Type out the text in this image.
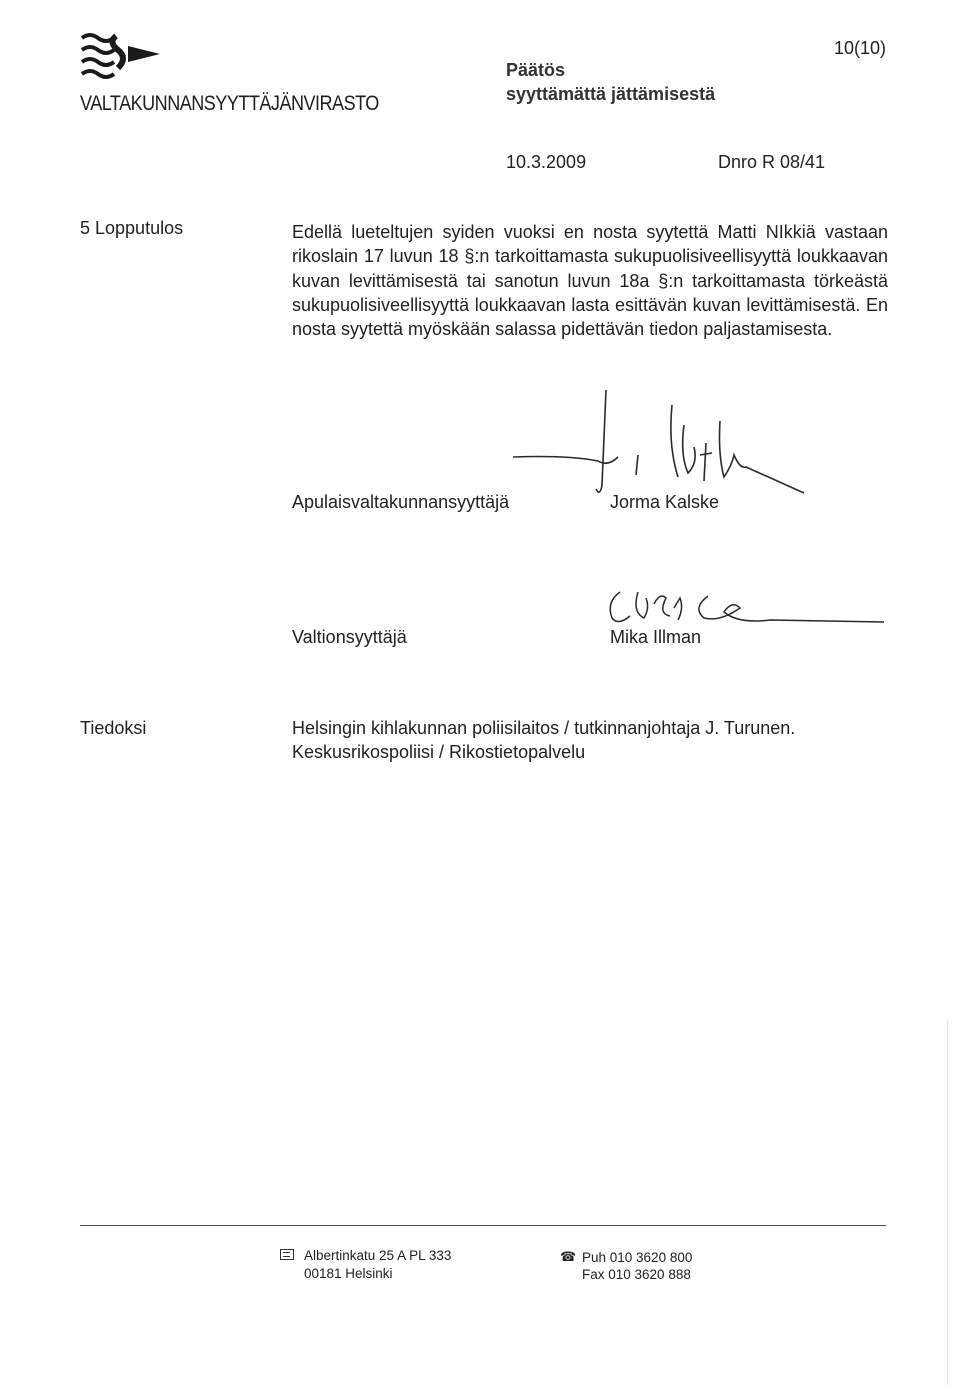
VALTAKUNNANSYYTTÄJÄNVIRASTO
Päätös
syyttämättä jättämisestä
10(10)
10.3.2009	Dnro R 08/41
5 Lopputulos	Edellä lueteltujen syiden vuoksi en nosta syytettä Matti NIkkiä vastaan rikoslain 17 luvun 18 §:n tarkoittamasta sukupuolisiveellisyyttä loukkaavan kuvan levittämisestä tai sanotun luvun 18a §:n tarkoittamasta törkeästä sukupuolisiveellisyyttä loukkaavan lasta esittävän kuvan levittämisestä. En nosta syytettä myöskään salassa pidettävän tiedon paljastamisesta.
Apulaisvaltakunnansyyttäjä	Jorma Kalske
Valtionsyyttäjä	Mika Illman
Tiedoksi	Helsingin kihlakunnan poliisilaitos / tutkinnanjohtaja J. Turunen.
Keskusrikospoliisi / Rikostietopalvelu
Albertinkatu 25 A PL 333
00181 Helsinki
☎ Puh 010 3620 800
Fax 010 3620 888
